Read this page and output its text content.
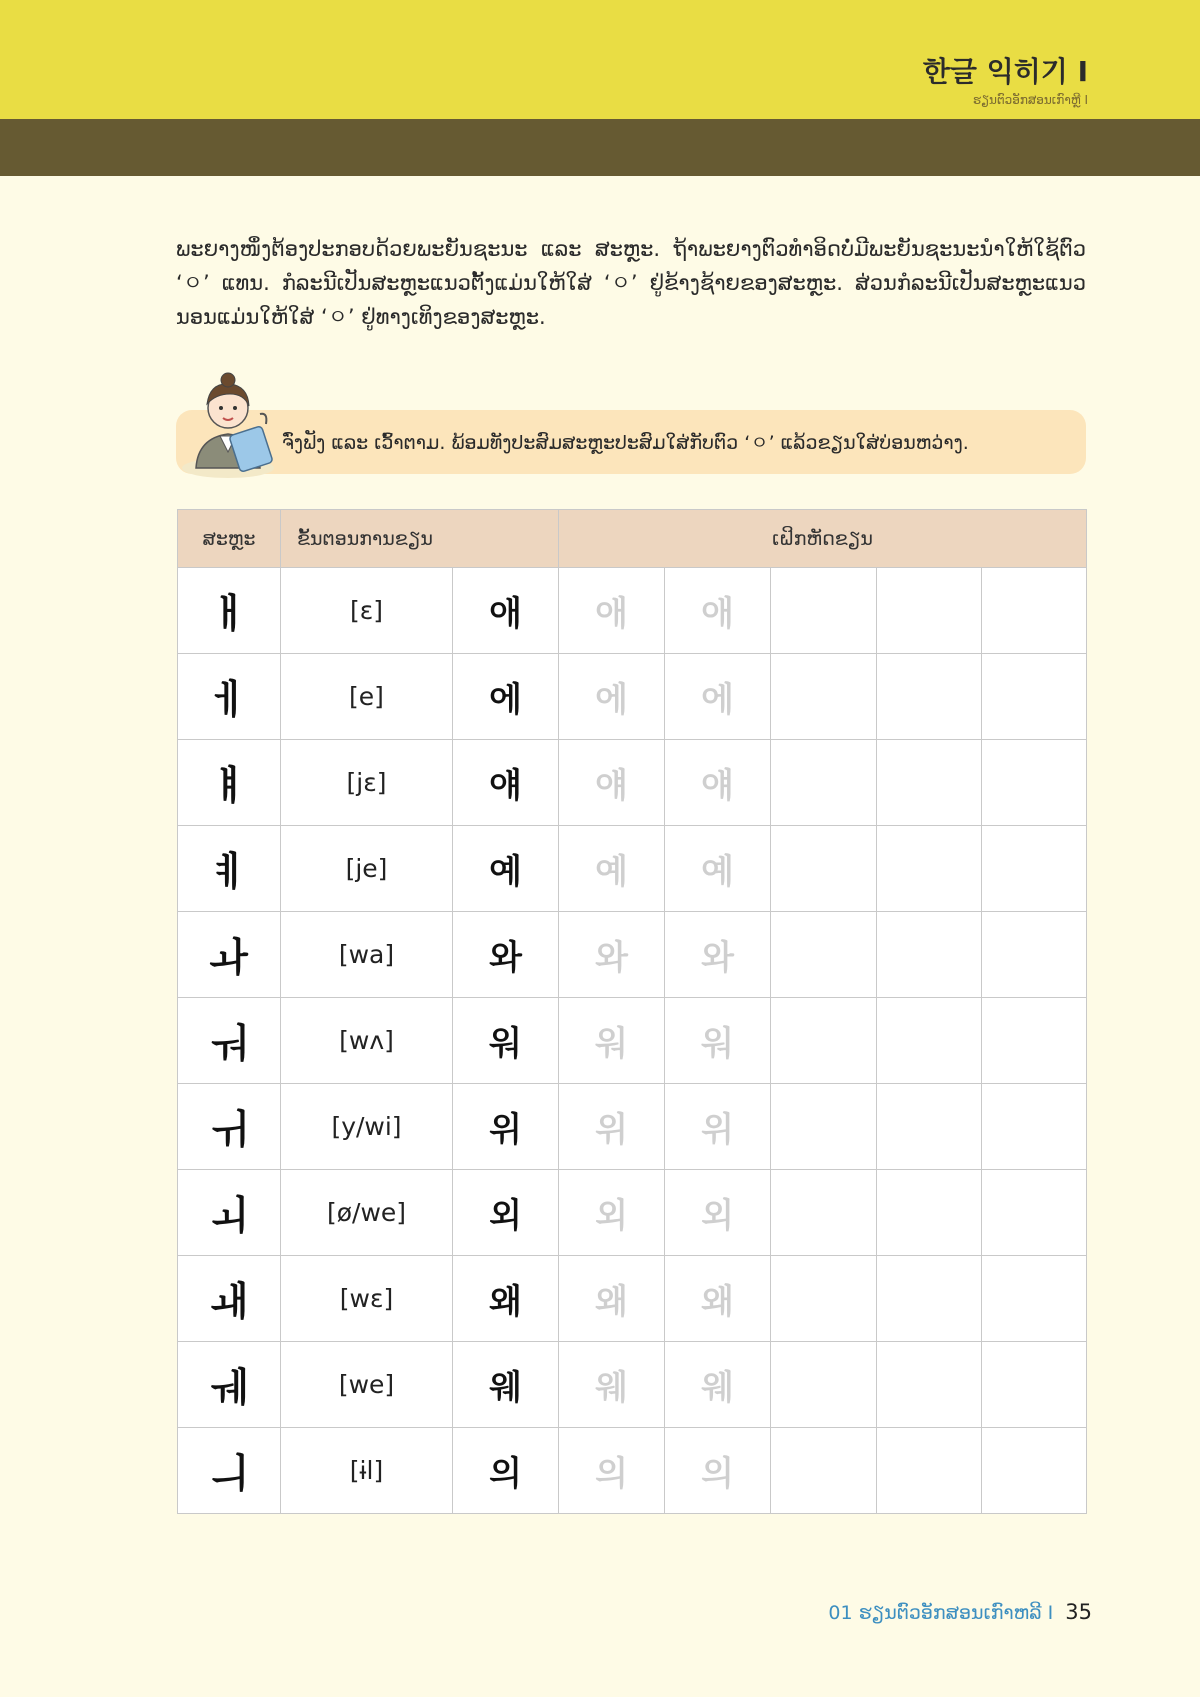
한글 익히기 I
ຮຽນຕົວອັກສອນເກົາຫຼີ I

ພະຍາງໜຶ່ງຕ້ອງປະກອບດ້ວຍພະຍັນຊະນະ ແລະ ສະຫຼະ. ຖ້າພະຍາງຕົວທຳອິດບໍ່ມີພະຍັນຊະນະນຳໃຫ້ໃຊ້ຕົວ ‘ㅇ’ ແທນ. ກໍລະນີເປັນສະຫຼະແນວຕັ້ງແມ່ນໃຫ້ໃສ່ ‘ㅇ’ ຢູ່ຂ້າງຊ້າຍຂອງສະຫຼະ. ສ່ວນກໍລະນີເປັນສະຫຼະແນວນອນແມ່ນໃຫ້ໃສ່ ‘ㅇ’ ຢູ່ທາງເທິງຂອງສະຫຼະ.

ຈົ່ງຟັງ ແລະ ເວົ້າຕາມ. ພ້ອມທັງປະສົມສະຫຼະປະສົມໃສ່ກັບຕົວ ‘ㅇ’ ແລ້ວຂຽນໃສ່ບ່ອນຫວ່າງ.
ສະຫຼະ	ຂັ້ນຕອນການຂຽນ		ເຝິກຫັດຂຽນ				
ㅐ	[ɛ]	애	애	애			
ㅔ	[e]	에	에	에			
ㅒ	[jɛ]	얘	얘	얘			
ㅖ	[je]	예	예	예			
ㅘ	[wa]	와	와	와			
ㅝ	[wʌ]	워	워	워			
ㅟ	[y/wi]	위	위	위			
ㅚ	[ø/we]	외	외	외			
ㅙ	[wɛ]	왜	왜	왜			
ㅞ	[we]	웨	웨	웨			
ㅢ	[ɨl]	의	의	의			
01 ຮຽນຕົວອັກສອນເກົາຫລີ I 35
